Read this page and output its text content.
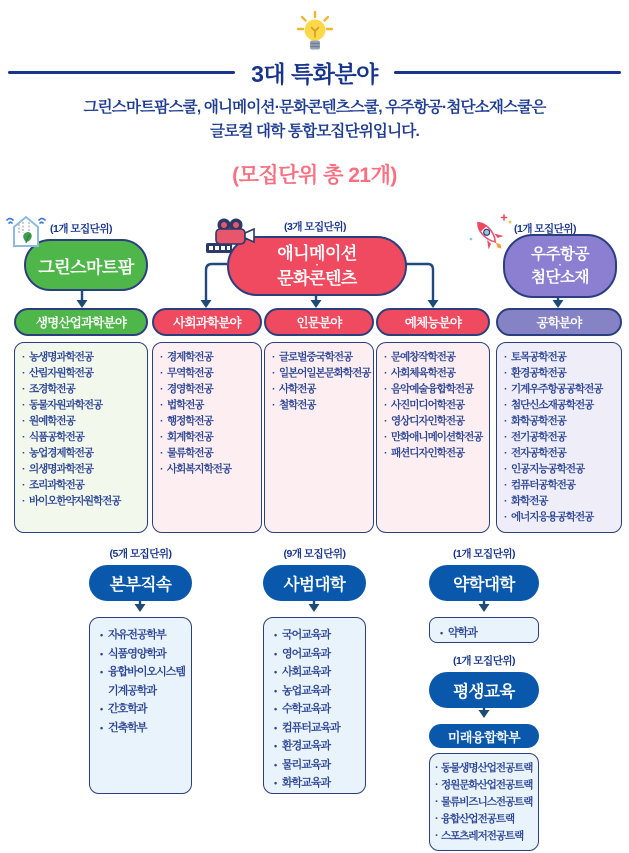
3대 특화분야
그린스마트팜스쿨, 애니메이션·문화콘텐츠스쿨, 우주항공·첨단소재스쿨은
글로컬 대학 통합모집단위입니다.
(모집단위 총 21개)
(1개 모집단위)
그린스마트팜
(3개 모집단위)
애니메이션
·
문화콘텐츠
(1개 모집단위)
우주항공
·
첨단소재
생명산업과학분야
· 농생명과학전공
· 산림자원학전공
· 조경학전공
· 동물자원과학전공
· 원예학전공
· 식품공학전공
· 농업경제학전공
· 의생명과학전공
· 조리과학전공
· 바이오한약자원학전공
사회과학분야
· 경제학전공
· 무역학전공
· 경영학전공
· 법학전공
· 행정학전공
· 회계학전공
· 물류학전공
· 사회복지학전공
인문분야
· 글로벌중국학전공
· 일본어일본문화학전공
· 사학전공
· 철학전공
예체능분야
· 문예창작학전공
· 사회체육학전공
· 음악예술융합학전공
· 사진미디어학전공
· 영상디자인학전공
· 만화애니메이션학전공
· 패션디자인학전공
공학분야
· 토목공학전공
· 환경공학전공
· 기계우주항공공학전공
· 첨단신소재공학전공
· 화학공학전공
· 전기공학전공
· 전자공학전공
· 인공지능공학전공
· 컴퓨터공학전공
· 화학전공
· 에너지응용공학전공
(5개 모집단위)
본부직속
• 자유전공학부
• 식품영양학과
• 융합바이오시스템 기계공학과
• 간호학과
• 건축학부
(9개 모집단위)
사범대학
• 국어교육과
• 영어교육과
• 사회교육과
• 농업교육과
• 수학교육과
• 컴퓨터교육과
• 환경교육과
• 물리교육과
• 화학교육과
(1개 모집단위)
약학대학
• 약학과
(1개 모집단위)
평생교육
미래융합학부
· 동물생명산업전공트랙
· 정원문화산업전공트랙
· 물류비즈니스전공트랙
· 융합산업전공트랙
· 스포츠레저전공트랙
